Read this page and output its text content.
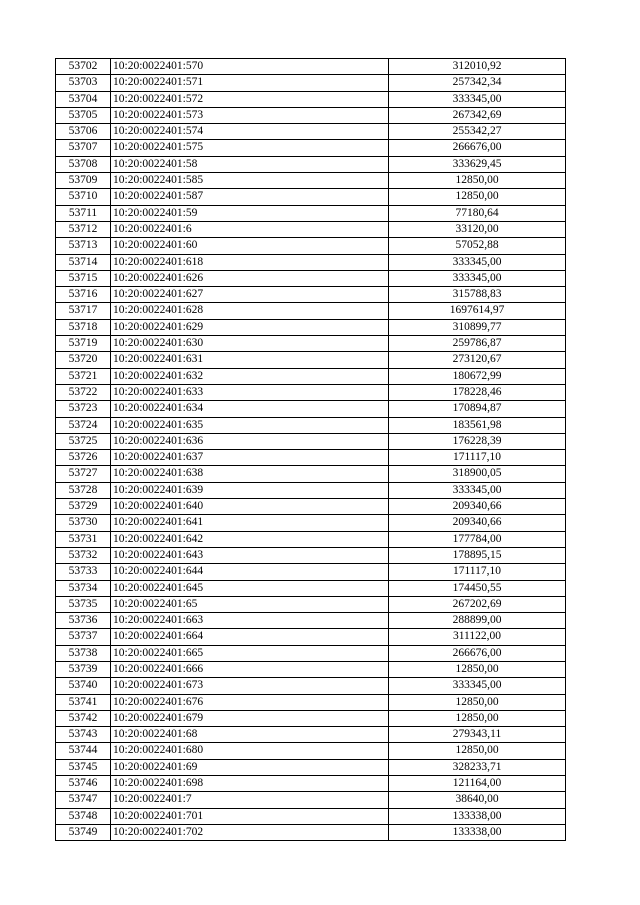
53702	10:20:0022401:570	312010,92
53703	10:20:0022401:571	257342,34
53704	10:20:0022401:572	333345,00
53705	10:20:0022401:573	267342,69
53706	10:20:0022401:574	255342,27
53707	10:20:0022401:575	266676,00
53708	10:20:0022401:58	333629,45
53709	10:20:0022401:585	12850,00
53710	10:20:0022401:587	12850,00
53711	10:20:0022401:59	77180,64
53712	10:20:0022401:6	33120,00
53713	10:20:0022401:60	57052,88
53714	10:20:0022401:618	333345,00
53715	10:20:0022401:626	333345,00
53716	10:20:0022401:627	315788,83
53717	10:20:0022401:628	1697614,97
53718	10:20:0022401:629	310899,77
53719	10:20:0022401:630	259786,87
53720	10:20:0022401:631	273120,67
53721	10:20:0022401:632	180672,99
53722	10:20:0022401:633	178228,46
53723	10:20:0022401:634	170894,87
53724	10:20:0022401:635	183561,98
53725	10:20:0022401:636	176228,39
53726	10:20:0022401:637	171117,10
53727	10:20:0022401:638	318900,05
53728	10:20:0022401:639	333345,00
53729	10:20:0022401:640	209340,66
53730	10:20:0022401:641	209340,66
53731	10:20:0022401:642	177784,00
53732	10:20:0022401:643	178895,15
53733	10:20:0022401:644	171117,10
53734	10:20:0022401:645	174450,55
53735	10:20:0022401:65	267202,69
53736	10:20:0022401:663	288899,00
53737	10:20:0022401:664	311122,00
53738	10:20:0022401:665	266676,00
53739	10:20:0022401:666	12850,00
53740	10:20:0022401:673	333345,00
53741	10:20:0022401:676	12850,00
53742	10:20:0022401:679	12850,00
53743	10:20:0022401:68	279343,11
53744	10:20:0022401:680	12850,00
53745	10:20:0022401:69	328233,71
53746	10:20:0022401:698	121164,00
53747	10:20:0022401:7	38640,00
53748	10:20:0022401:701	133338,00
53749	10:20:0022401:702	133338,00
